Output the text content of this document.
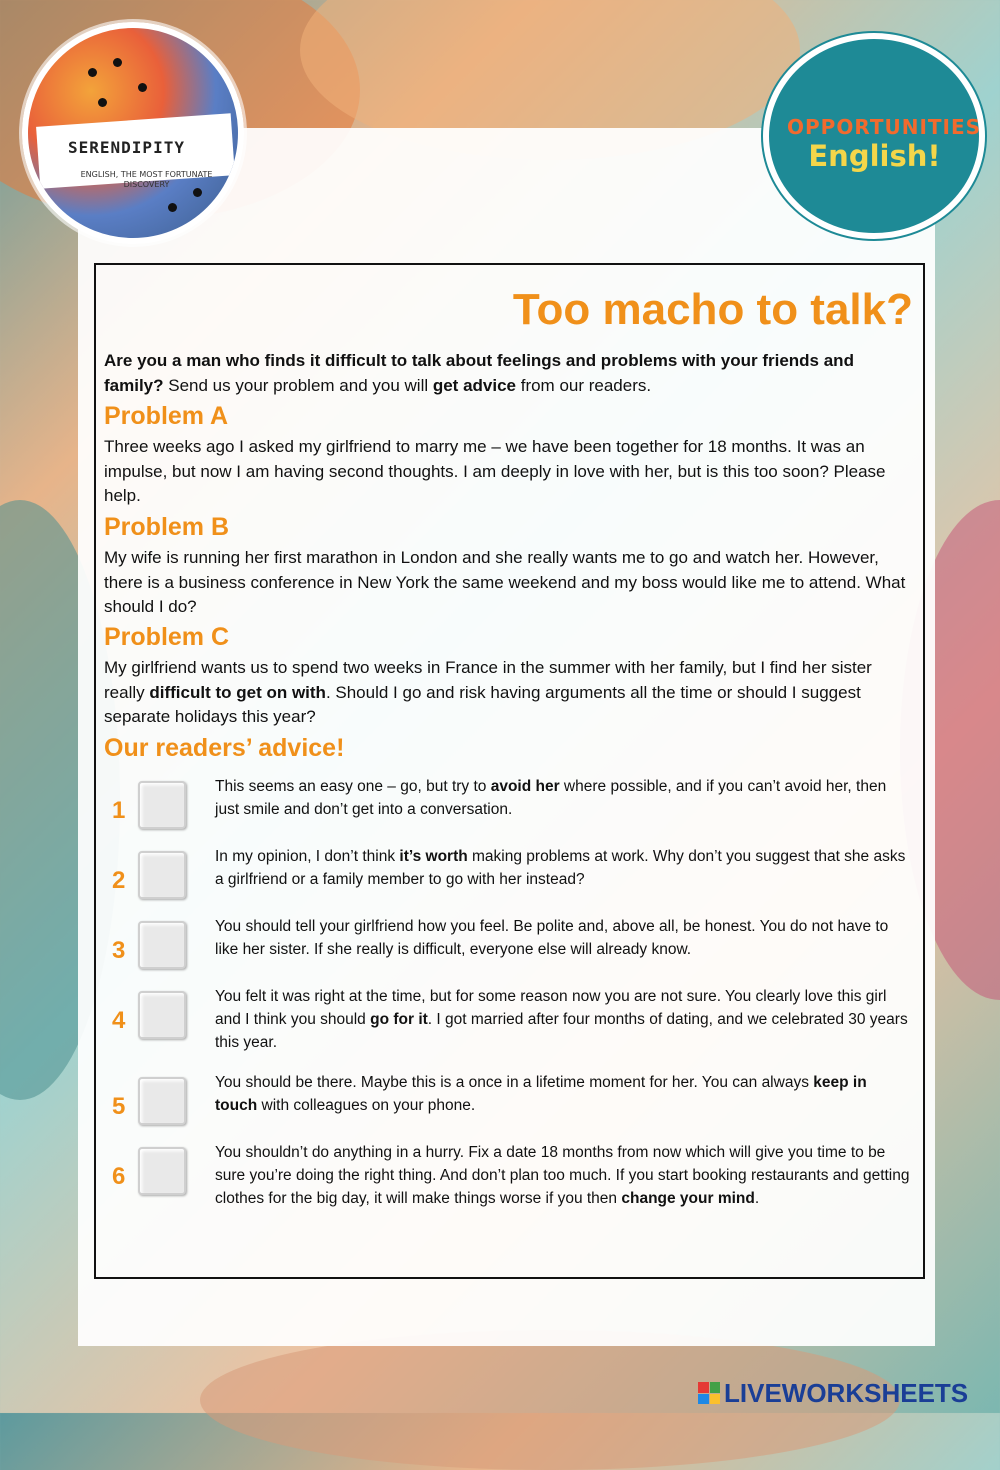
SERENDIPITY
ENGLISH, THE MOST FORTUNATE DISCOVERY
OPPORTUNITIES
English!
Too macho to talk?
Are you a man who finds it difficult to talk about feelings and problems with your friends and family? Send us your problem and you will get advice from our readers.
Problem A
Three weeks ago I asked my girlfriend to marry me – we have been together for 18 months. It was an impulse, but now I am having second thoughts. I am deeply in love with her, but is this too soon? Please help.
Problem B
My wife is running her first marathon in London and she really wants me to go and watch her. However, there is a business conference in New York the same weekend and my boss would like me to attend. What should I do?
Problem C
My girlfriend wants us to spend two weeks in France in the summer with her family, but I find her sister really difficult to get on with. Should I go and risk having arguments all the time or should I suggest separate holidays this year?
Our readers’ advice!
1
This seems an easy one – go, but try to avoid her where possible, and if you can’t avoid her, then just smile and don’t get into a conversation.
2
In my opinion, I don’t think it’s worth making problems at work. Why don’t you suggest that she asks a girlfriend or a family member to go with her instead?
3
You should tell your girlfriend how you feel. Be polite and, above all, be honest. You do not have to like her sister. If she really is difficult, everyone else will already know.
4
You felt it was right at the time, but for some reason now you are not sure. You clearly love this girl and I think you should go for it. I got married after four months of dating, and we celebrated 30 years this year.
5
You should be there. Maybe this is a once in a lifetime moment for her. You can always keep in touch with colleagues on your phone.
6
You shouldn’t do anything in a hurry. Fix a date 18 months from now which will give you time to be sure you’re doing the right thing. And don’t plan too much. If you start booking restaurants and getting clothes for the big day, it will make things worse if you then change your mind.
LIVEWORKSHEETS
